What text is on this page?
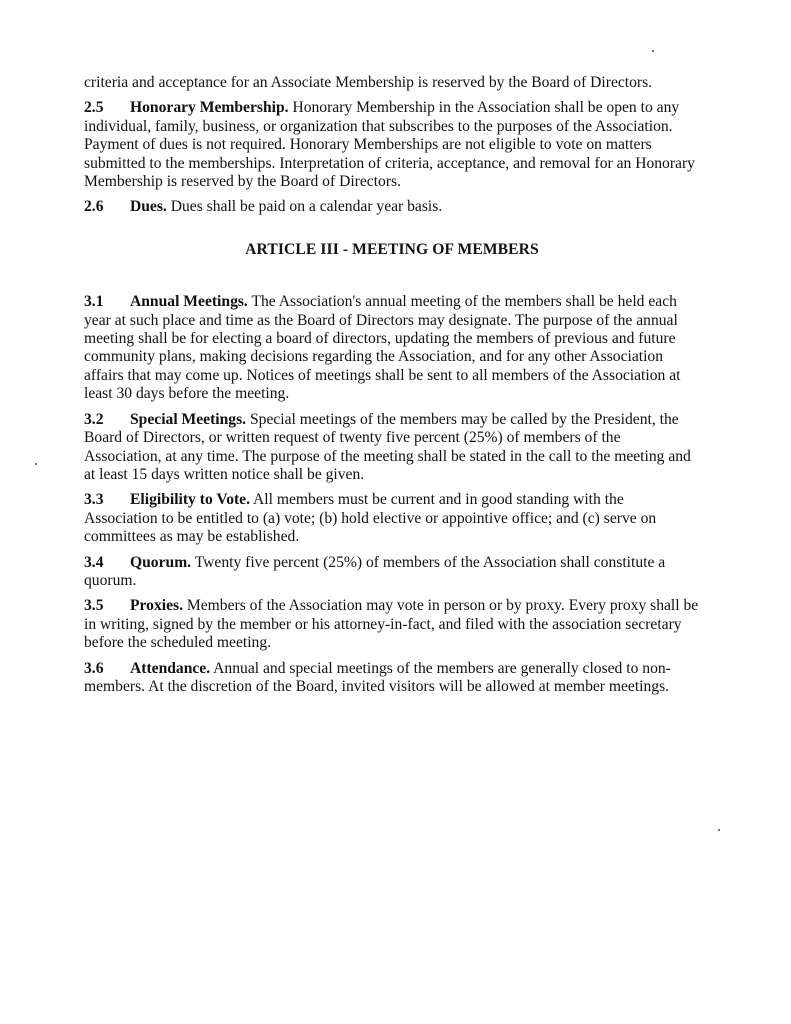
criteria and acceptance for an Associate Membership is reserved by the Board of Directors.

2.5 Honorary Membership. Honorary Membership in the Association shall be open to any individual, family, business, or organization that subscribes to the purposes of the Association. Payment of dues is not required. Honorary Memberships are not eligible to vote on matters submitted to the memberships. Interpretation of criteria, acceptance, and removal for an Honorary Membership is reserved by the Board of Directors.

2.6 Dues. Dues shall be paid on a calendar year basis.

ARTICLE III - MEETING OF MEMBERS

3.1 Annual Meetings. The Association's annual meeting of the members shall be held each year at such place and time as the Board of Directors may designate. The purpose of the annual meeting shall be for electing a board of directors, updating the members of previous and future community plans, making decisions regarding the Association, and for any other Association affairs that may come up. Notices of meetings shall be sent to all members of the Association at least 30 days before the meeting.

3.2 Special Meetings. Special meetings of the members may be called by the President, the Board of Directors, or written request of twenty five percent (25%) of members of the Association, at any time. The purpose of the meeting shall be stated in the call to the meeting and at least 15 days written notice shall be given.

3.3 Eligibility to Vote. All members must be current and in good standing with the Association to be entitled to (a) vote; (b) hold elective or appointive office; and (c) serve on committees as may be established.

3.4 Quorum. Twenty five percent (25%) of members of the Association shall constitute a quorum.

3.5 Proxies. Members of the Association may vote in person or by proxy. Every proxy shall be in writing, signed by the member or his attorney-in-fact, and filed with the association secretary before the scheduled meeting.

3.6 Attendance. Annual and special meetings of the members are generally closed to non-members. At the discretion of the Board, invited visitors will be allowed at member meetings.
